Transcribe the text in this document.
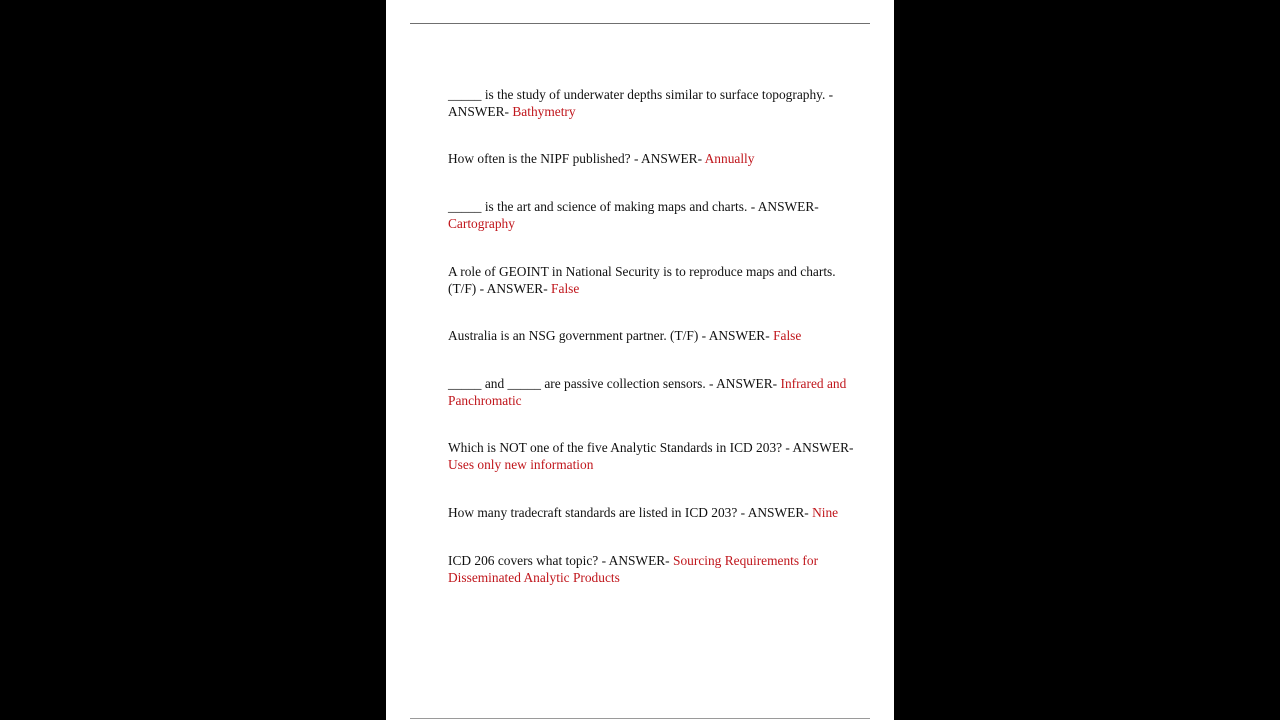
_____ is the study of underwater depths similar to surface topography. - ANSWER- Bathymetry
How often is the NIPF published? - ANSWER- Annually
_____ is the art and science of making maps and charts. - ANSWER- Cartography
A role of GEOINT in National Security is to reproduce maps and charts. (T/F) - ANSWER- False
Australia is an NSG government partner. (T/F) - ANSWER- False
_____ and _____ are passive collection sensors. - ANSWER- Infrared and Panchromatic
Which is NOT one of the five Analytic Standards in ICD 203? - ANSWER- Uses only new information
How many tradecraft standards are listed in ICD 203? - ANSWER- Nine
ICD 206 covers what topic? - ANSWER- Sourcing Requirements for Disseminated Analytic Products
